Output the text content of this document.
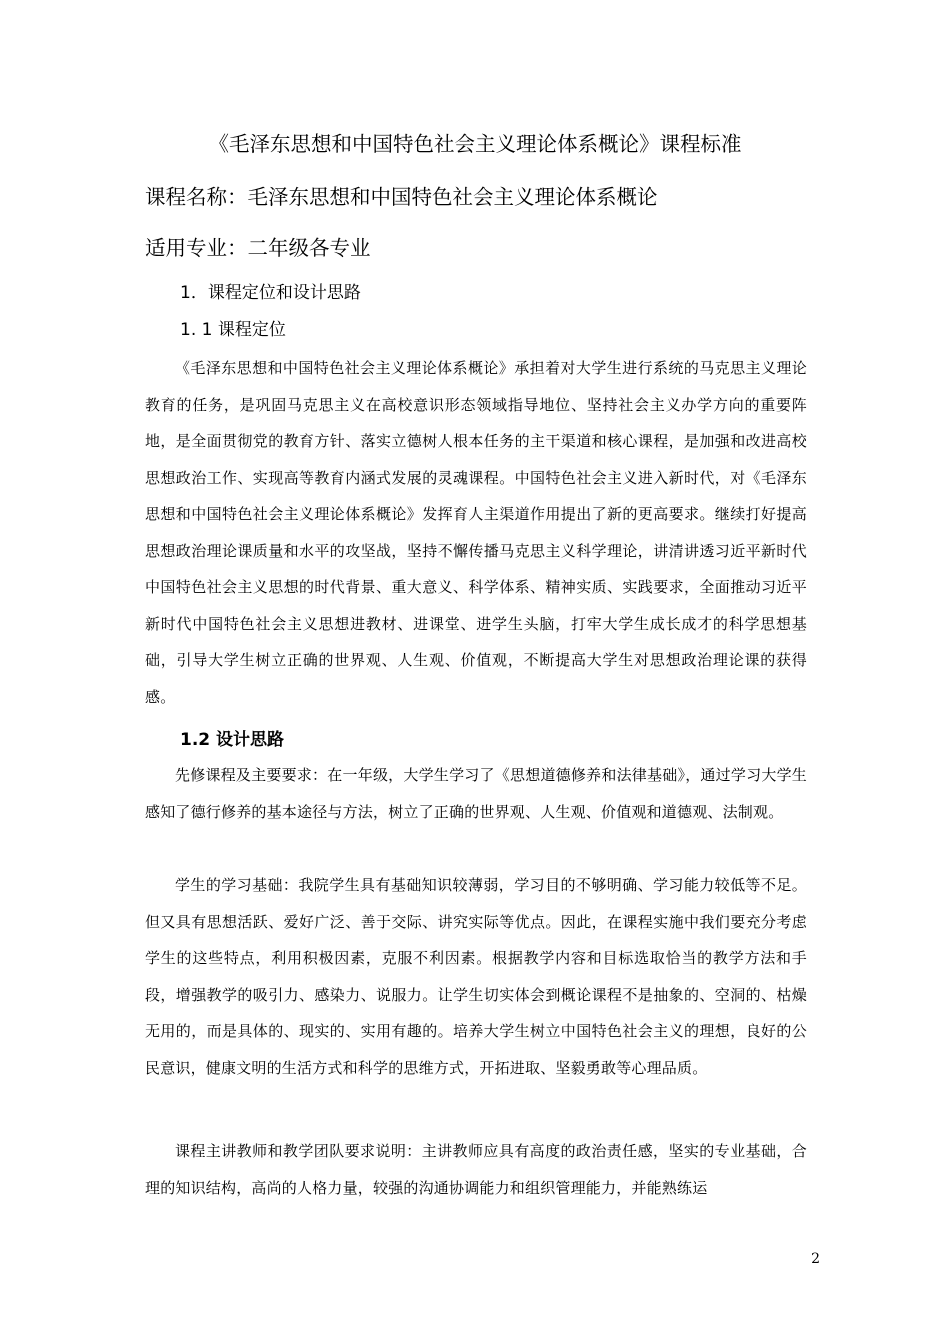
《毛泽东思想和中国特色社会主义理论体系概论》课程标准
课程名称：毛泽东思想和中国特色社会主义理论体系概论
适用专业：二年级各专业
1．课程定位和设计思路
1. 1 课程定位

《毛泽东思想和中国特色社会主义理论体系概论》承担着对大学生进行系统的马克思主义理论教育的任务，是巩固马克思主义在高校意识形态领域指导地位、坚持社会主义办学方向的重要阵地，是全面贯彻党的教育方针、落实立德树人根本任务的主干渠道和核心课程，是加强和改进高校思想政治工作、实现高等教育内涵式发展的灵魂课程。中国特色社会主义进入新时代，对《毛泽东思想和中国特色社会主义理论体系概论》发挥育人主渠道作用提出了新的更高要求。继续打好提高思想政治理论课质量和水平的攻坚战，坚持不懈传播马克思主义科学理论，讲清讲透习近平新时代中国特色社会主义思想的时代背景、重大意义、科学体系、精神实质、实践要求，全面推动习近平新时代中国特色社会主义思想进教材、进课堂、进学生头脑，打牢大学生成长成才的科学思想基础，引导大学生树立正确的世界观、人生观、价值观，不断提高大学生对思想政治理论课的获得感。

1.2 设计思路

先修课程及主要要求：在一年级，大学生学习了《思想道德修养和法律基础》，通过学习大学生感知了德行修养的基本途径与方法，树立了正确的世界观、人生观、价值观和道德观、法制观。

学生的学习基础：我院学生具有基础知识较薄弱，学习目的不够明确、学习能力较低等不足。但又具有思想活跃、爱好广泛、善于交际、讲究实际等优点。因此，在课程实施中我们要充分考虑学生的这些特点，利用积极因素，克服不利因素。根据教学内容和目标选取恰当的教学方法和手段，增强教学的吸引力、感染力、说服力。让学生切实体会到概论课程不是抽象的、空洞的、枯燥无用的，而是具体的、现实的、实用有趣的。培养大学生树立中国特色社会主义的理想，良好的公民意识，健康文明的生活方式和科学的思维方式，开拓进取、坚毅勇敢等心理品质。

课程主讲教师和教学团队要求说明：主讲教师应具有高度的政治责任感，坚实的专业基础，合理的知识结构，高尚的人格力量，较强的沟通协调能力和组织管理能力，并能熟练运

2
